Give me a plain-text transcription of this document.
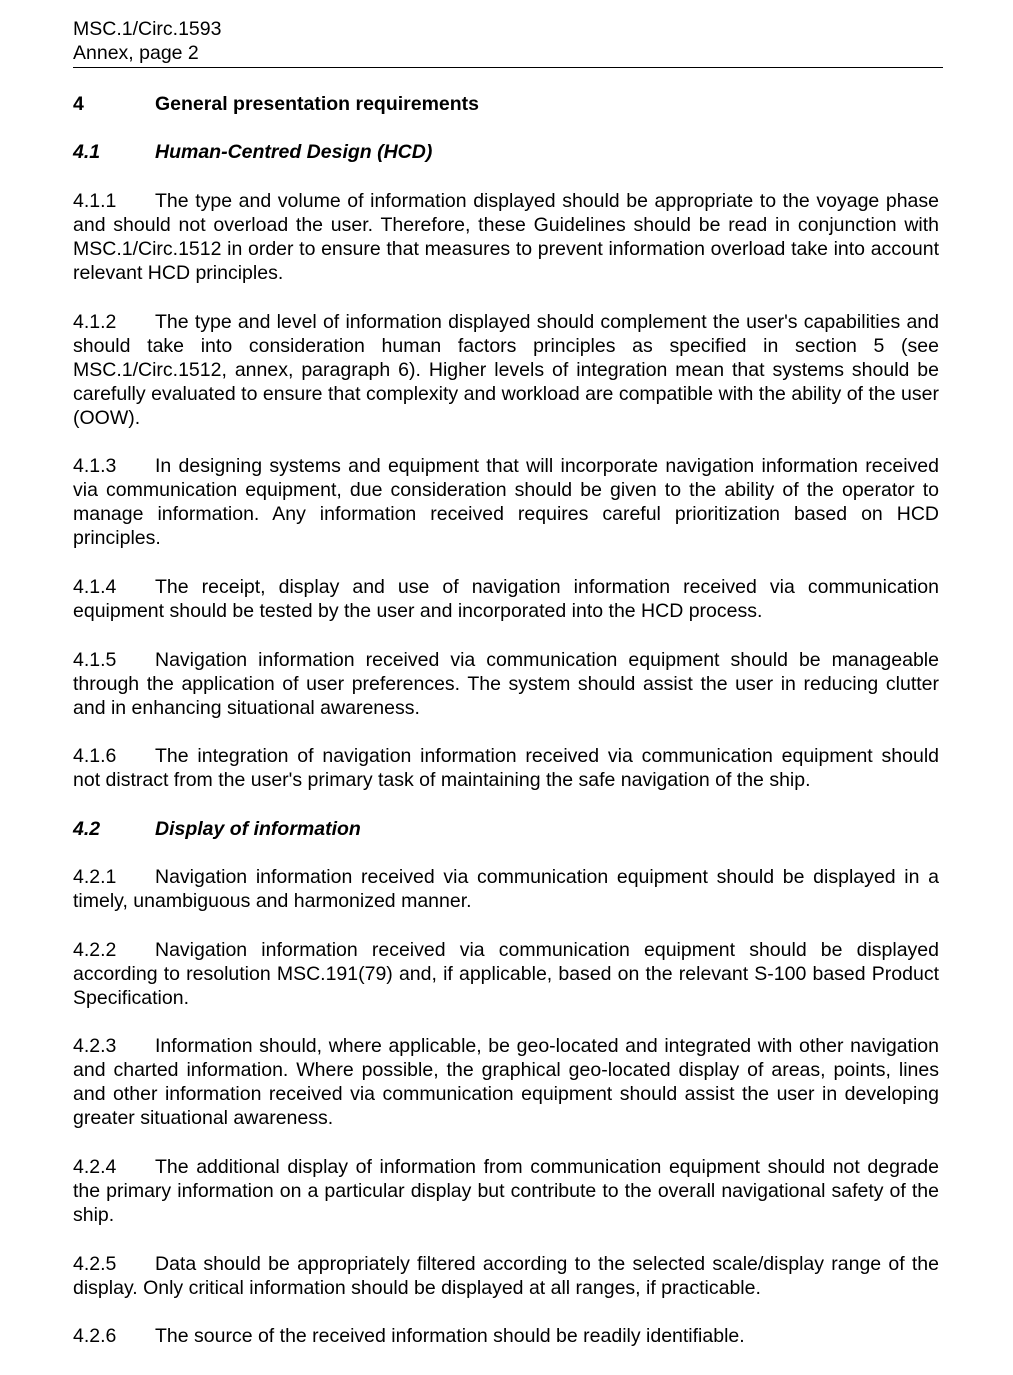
MSC.1/Circ.1593
Annex, page 2
4	General presentation requirements
4.1	Human-Centred Design (HCD)
4.1.1 The type and volume of information displayed should be appropriate to the voyage phase and should not overload the user. Therefore, these Guidelines should be read in conjunction with MSC.1/Circ.1512 in order to ensure that measures to prevent information overload take into account relevant HCD principles.
4.1.2 The type and level of information displayed should complement the user's capabilities and should take into consideration human factors principles as specified in section 5 (see MSC.1/Circ.1512, annex, paragraph 6). Higher levels of integration mean that systems should be carefully evaluated to ensure that complexity and workload are compatible with the ability of the user (OOW).
4.1.3 In designing systems and equipment that will incorporate navigation information received via communication equipment, due consideration should be given to the ability of the operator to manage information. Any information received requires careful prioritization based on HCD principles.
4.1.4 The receipt, display and use of navigation information received via communication equipment should be tested by the user and incorporated into the HCD process.
4.1.5 Navigation information received via communication equipment should be manageable through the application of user preferences. The system should assist the user in reducing clutter and in enhancing situational awareness.
4.1.6 The integration of navigation information received via communication equipment should not distract from the user's primary task of maintaining the safe navigation of the ship.
4.2	Display of information
4.2.1 Navigation information received via communication equipment should be displayed in a timely, unambiguous and harmonized manner.
4.2.2 Navigation information received via communication equipment should be displayed according to resolution MSC.191(79) and, if applicable, based on the relevant S-100 based Product Specification.
4.2.3 Information should, where applicable, be geo-located and integrated with other navigation and charted information. Where possible, the graphical geo-located display of areas, points, lines and other information received via communication equipment should assist the user in developing greater situational awareness.
4.2.4 The additional display of information from communication equipment should not degrade the primary information on a particular display but contribute to the overall navigational safety of the ship.
4.2.5 Data should be appropriately filtered according to the selected scale/display range of the display. Only critical information should be displayed at all ranges, if practicable.
4.2.6 The source of the received information should be readily identifiable.
